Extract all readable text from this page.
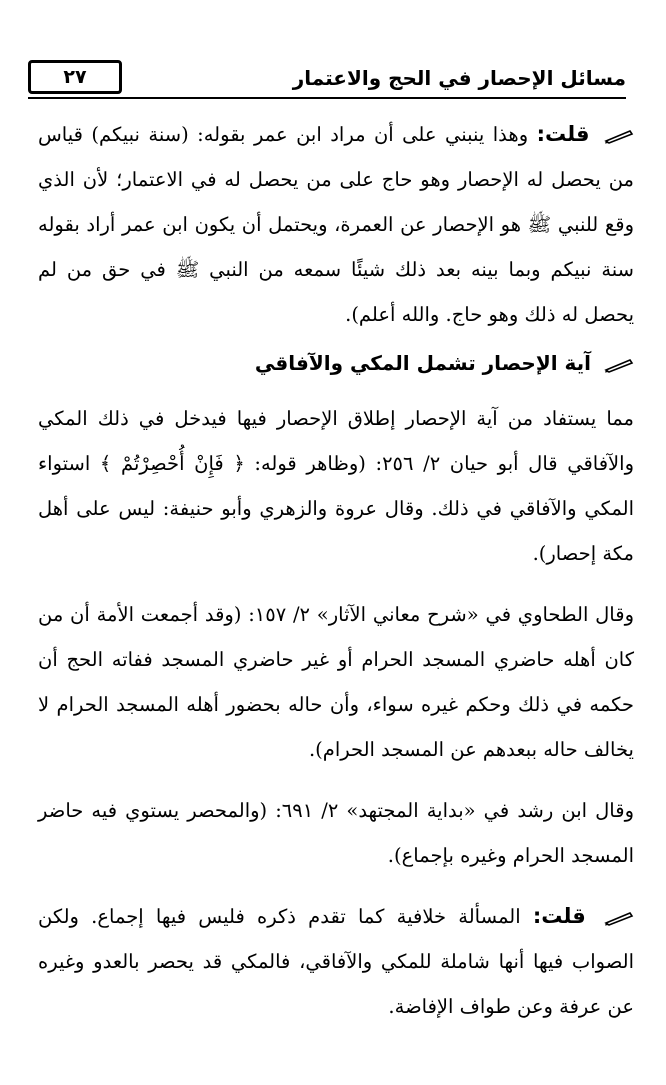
٢٧	مسائل الإحصار في الحج والاعتمار

قلت: وهذا ينبني على أن مراد ابن عمر بقوله: (سنة نبيكم) قياس من يحصل له الإحصار وهو حاج على من يحصل له في الاعتمار؛ لأن الذي وقع للنبي ﷺ هو الإحصار عن العمرة، ويحتمل أن يكون ابن عمر أراد بقوله سنة نبيكم وبما بينه بعد ذلك شيئًا سمعه من النبي ﷺ في حق من لم يحصل له ذلك وهو حاج. والله أعلم).

آية الإحصار تشمل المكي والآفاقي

مما يستفاد من آية الإحصار إطلاق الإحصار فيها فيدخل في ذلك المكي والآفاقي قال أبو حيان ٢/ ٢٥٦: (وظاهر قوله: ﴿ فَإِنْ أُحْصِرْتُمْ ﴾ استواء المكي والآفاقي في ذلك. وقال عروة والزهري وأبو حنيفة: ليس على أهل مكة إحصار).

وقال الطحاوي في «شرح معاني الآثار» ٢/ ١٥٧: (وقد أجمعت الأمة أن من كان أهله حاضري المسجد الحرام أو غير حاضري المسجد ففاته الحج أن حكمه في ذلك وحكم غيره سواء، وأن حاله بحضور أهله المسجد الحرام لا يخالف حاله ببعدهم عن المسجد الحرام).

وقال ابن رشد في «بداية المجتهد» ٢/ ٦٩١: (والمحصر يستوي فيه حاضر المسجد الحرام وغيره بإجماع).

قلت: المسألة خلافية كما تقدم ذكره فليس فيها إجماع. ولكن الصواب فيها أنها شاملة للمكي والآفاقي، فالمكي قد يحصر بالعدو وغيره عن عرفة وعن طواف الإفاضة.
